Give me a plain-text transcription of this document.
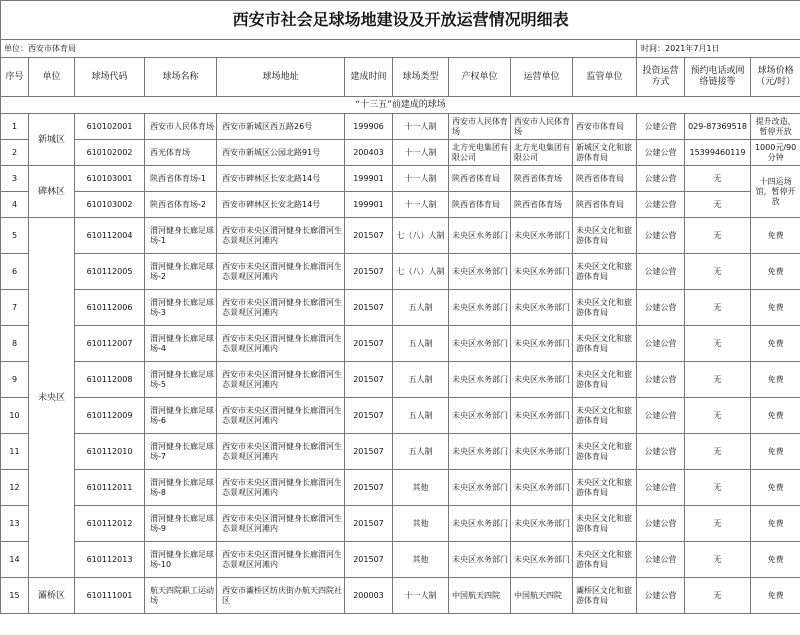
西安市社会足球场地建设及开放运营情况明细表												
单位：西安市体育局										时间：2021年7月1日		
序号	单位	球场代码	球场名称	球场地址	建成时间	球场类型	产权单位	运营单位	监管单位	投资运营方式	预约电话或网络链接等	球场价格（元/时）
“十三五”前建成的球场												
1	新城区	610102001	西安市人民体育场	西安市新城区西五路26号	199906	十一人制	西安市人民体育场	西安市人民体育场	西安市体育局	公建公营	029-87369518	提升改造，暂停开放
2		610102002	西光体育场	西安市新城区公园北路91号	200403	十一人制	北方光电集团有限公司	北方光电集团有限公司	新城区文化和旅游体育局	公建公营	15399460119	1000元/90分钟
3	碑林区	610103001	陕西省体育场-1	西安市碑林区长安北路14号	199901	十一人制	陕西省体育局	陕西省体育场	陕西省体育局	公建公营	无	十四运场馆，暂停开放
4		610103002	陕西省体育场-2	西安市碑林区长安北路14号	199901	十一人制	陕西省体育局	陕西省体育场	陕西省体育局	公建公营	无	
5	未央区	610112004	渭河健身长廊足球场-1	西安市未央区渭河健身长廊渭河生态景观区河滩内	201507	七（八）人制	未央区水务部门	未央区水务部门	未央区文化和旅游体育局	公建公营	无	免费
6		610112005	渭河健身长廊足球场-2	西安市未央区渭河健身长廊渭河生态景观区河滩内	201507	七（八）人制	未央区水务部门	未央区水务部门	未央区文化和旅游体育局	公建公营	无	免费
7		610112006	渭河健身长廊足球场-3	西安市未央区渭河健身长廊渭河生态景观区河滩内	201507	五人制	未央区水务部门	未央区水务部门	未央区文化和旅游体育局	公建公营	无	免费
8		610112007	渭河健身长廊足球场-4	西安市未央区渭河健身长廊渭河生态景观区河滩内	201507	五人制	未央区水务部门	未央区水务部门	未央区文化和旅游体育局	公建公营	无	免费
9		610112008	渭河健身长廊足球场-5	西安市未央区渭河健身长廊渭河生态景观区河滩内	201507	五人制	未央区水务部门	未央区水务部门	未央区文化和旅游体育局	公建公营	无	免费
10		610112009	渭河健身长廊足球场-6	西安市未央区渭河健身长廊渭河生态景观区河滩内	201507	五人制	未央区水务部门	未央区水务部门	未央区文化和旅游体育局	公建公营	无	免费
11		610112010	渭河健身长廊足球场-7	西安市未央区渭河健身长廊渭河生态景观区河滩内	201507	五人制	未央区水务部门	未央区水务部门	未央区文化和旅游体育局	公建公营	无	免费
12		610112011	渭河健身长廊足球场-8	西安市未央区渭河健身长廊渭河生态景观区河滩内	201507	其他	未央区水务部门	未央区水务部门	未央区文化和旅游体育局	公建公营	无	免费
13		610112012	渭河健身长廊足球场-9	西安市未央区渭河健身长廊渭河生态景观区河滩内	201507	其他	未央区水务部门	未央区水务部门	未央区文化和旅游体育局	公建公营	无	免费
14		610112013	渭河健身长廊足球场-10	西安市未央区渭河健身长廊渭河生态景观区河滩内	201507	其他	未央区水务部门	未央区水务部门	未央区文化和旅游体育局	公建公营	无	免费
15	灞桥区	610111001	航天四院职工运动场	西安市灞桥区纺庆街办航天四院社区	200003	十一人制	中国航天四院	中国航天四院	灞桥区文化和旅游体育局	公建公营	无	免费
